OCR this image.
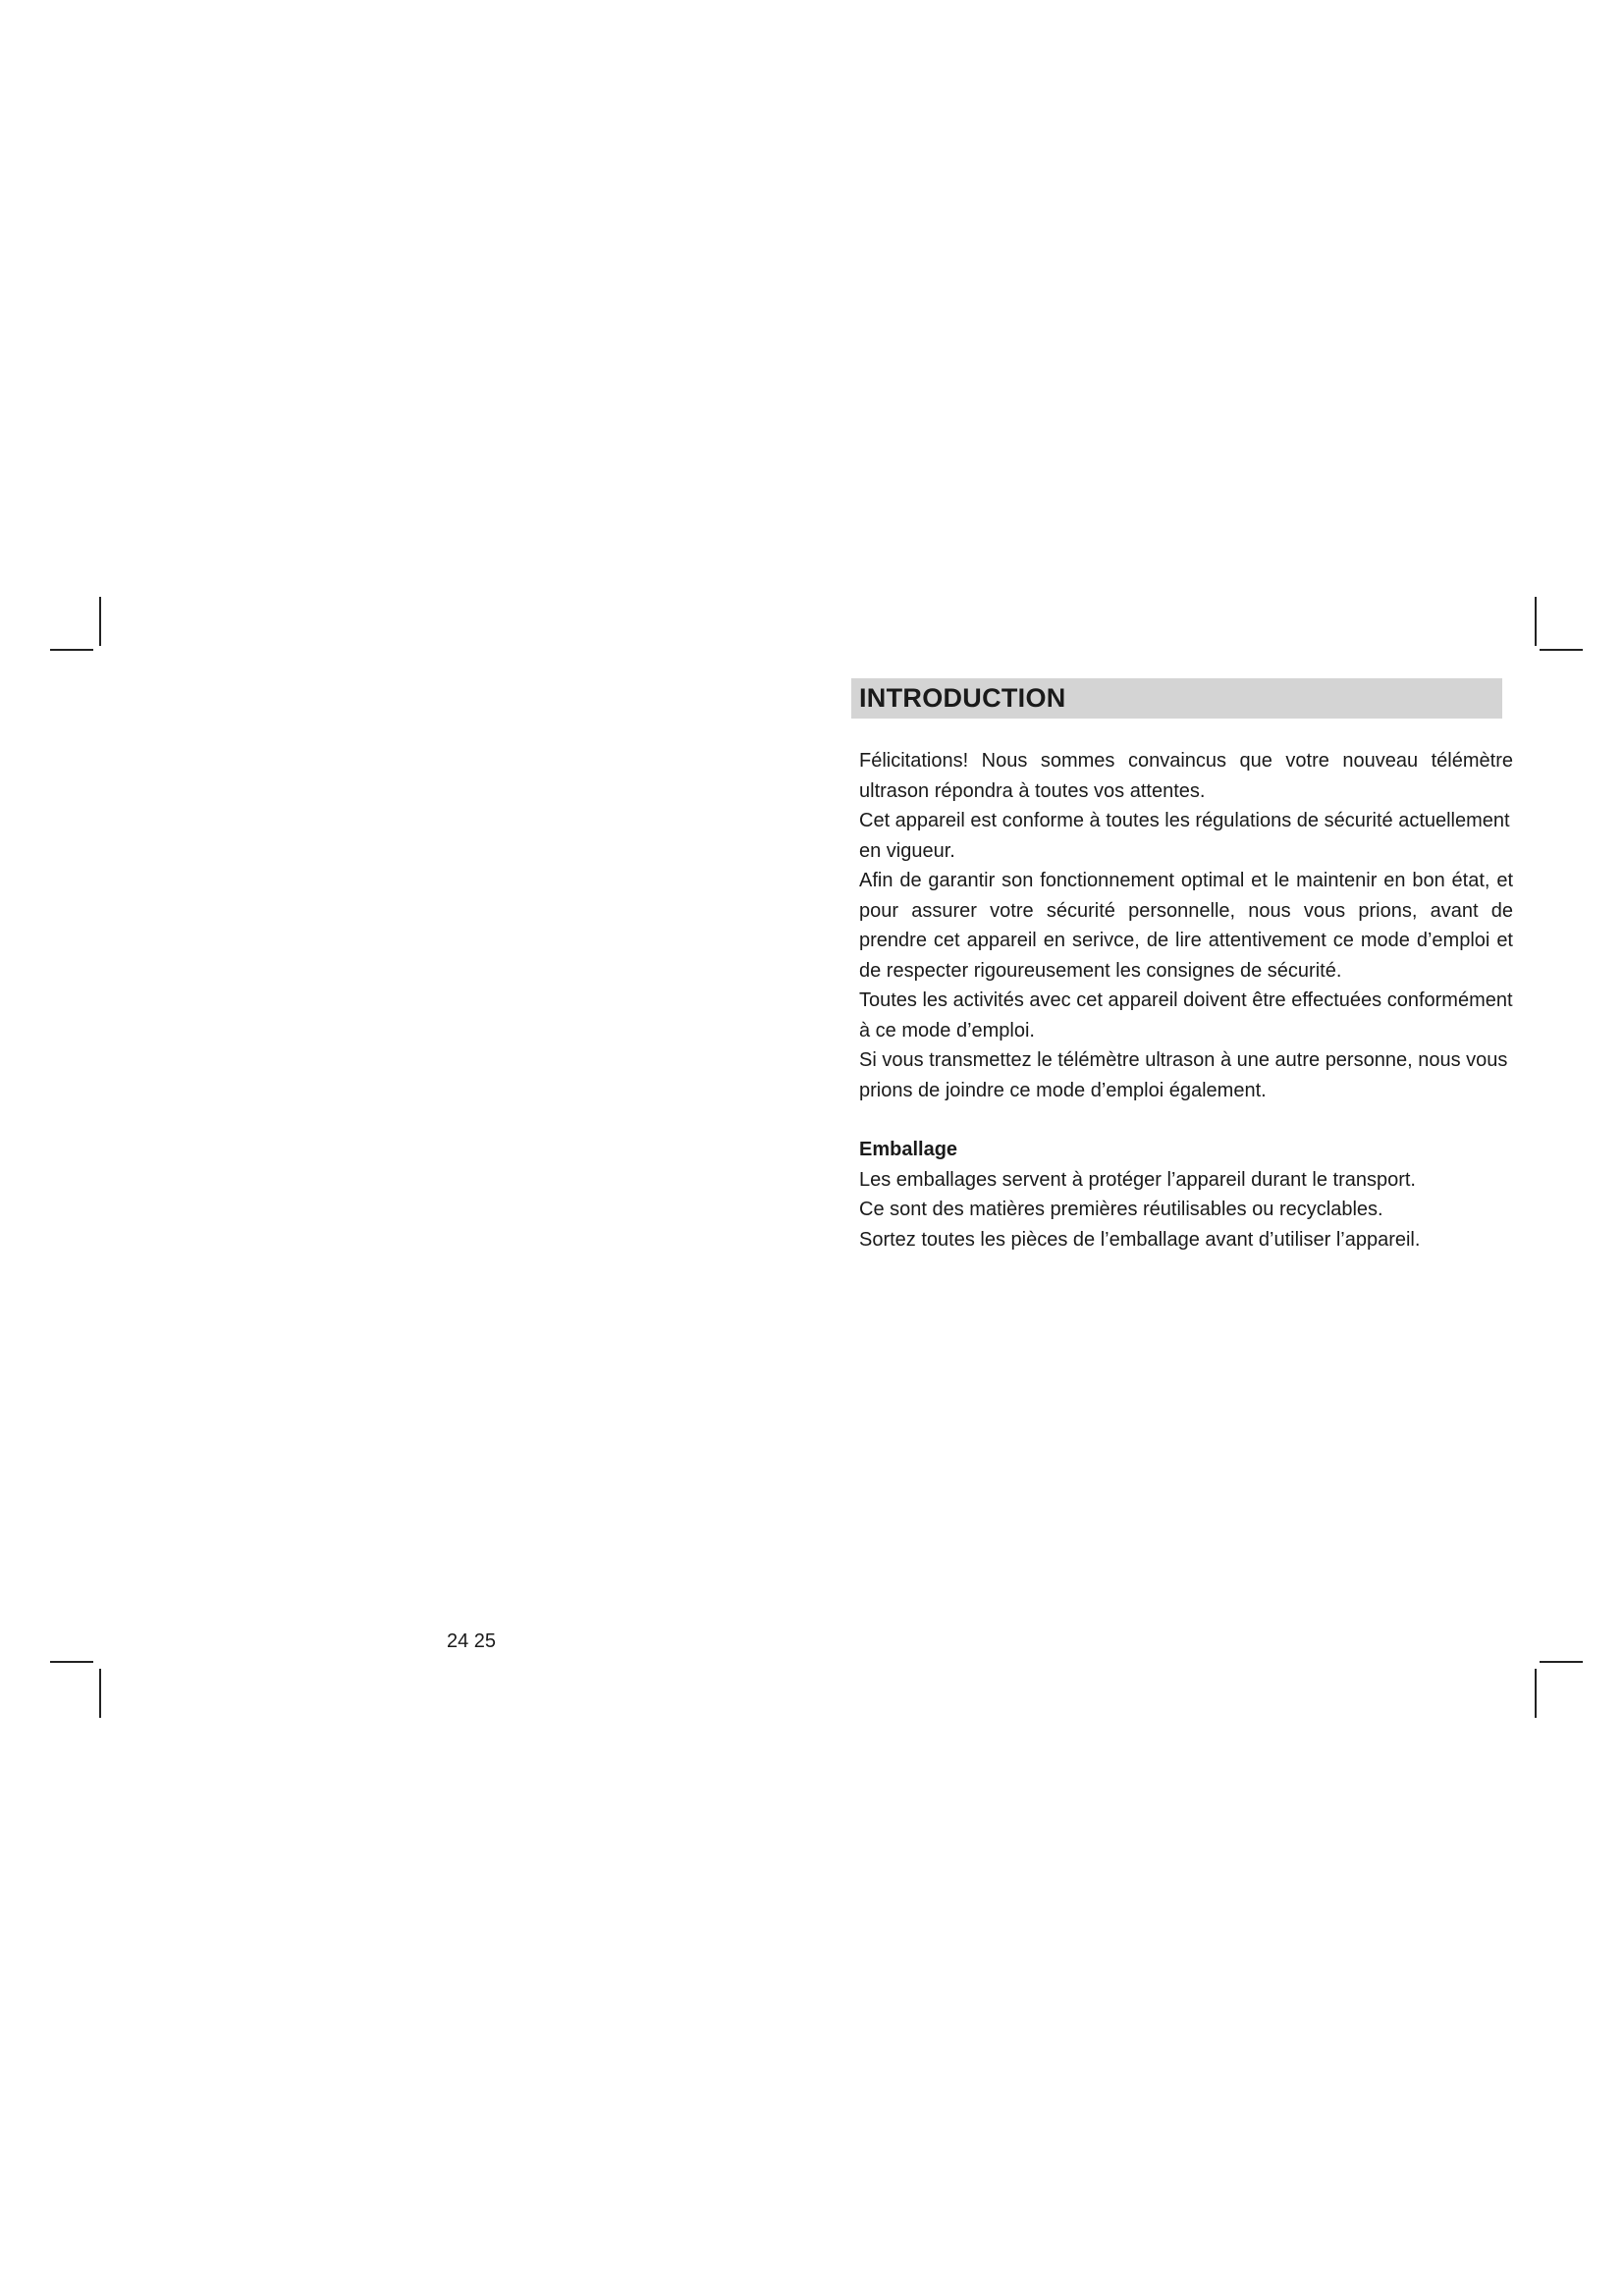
INTRODUCTION

Félicitations! Nous sommes convaincus que votre nouveau télémètre ultrason répondra à toutes vos attentes.

Cet appareil est conforme à toutes les régulations de sécurité actuellement en vigueur.

Afin de garantir son fonctionnement optimal et le maintenir en bon état, et pour assurer votre sécurité personnelle, nous vous prions, avant de prendre cet appareil en serivce, de lire attentivement ce mode d’emploi et de respecter rigoureusement les consignes de sécurité.

Toutes les activités avec cet appareil doivent être effectuées conformément à ce mode d’emploi.

Si vous transmettez le télémètre ultrason à une autre personne, nous vous prions de joindre ce mode d’emploi également.

Emballage

Les emballages servent à protéger l’appareil durant le transport.

Ce sont des matières premières réutilisables ou recyclables.

Sortez toutes les pièces de l’emballage avant d’utiliser l’appareil.

24 25
